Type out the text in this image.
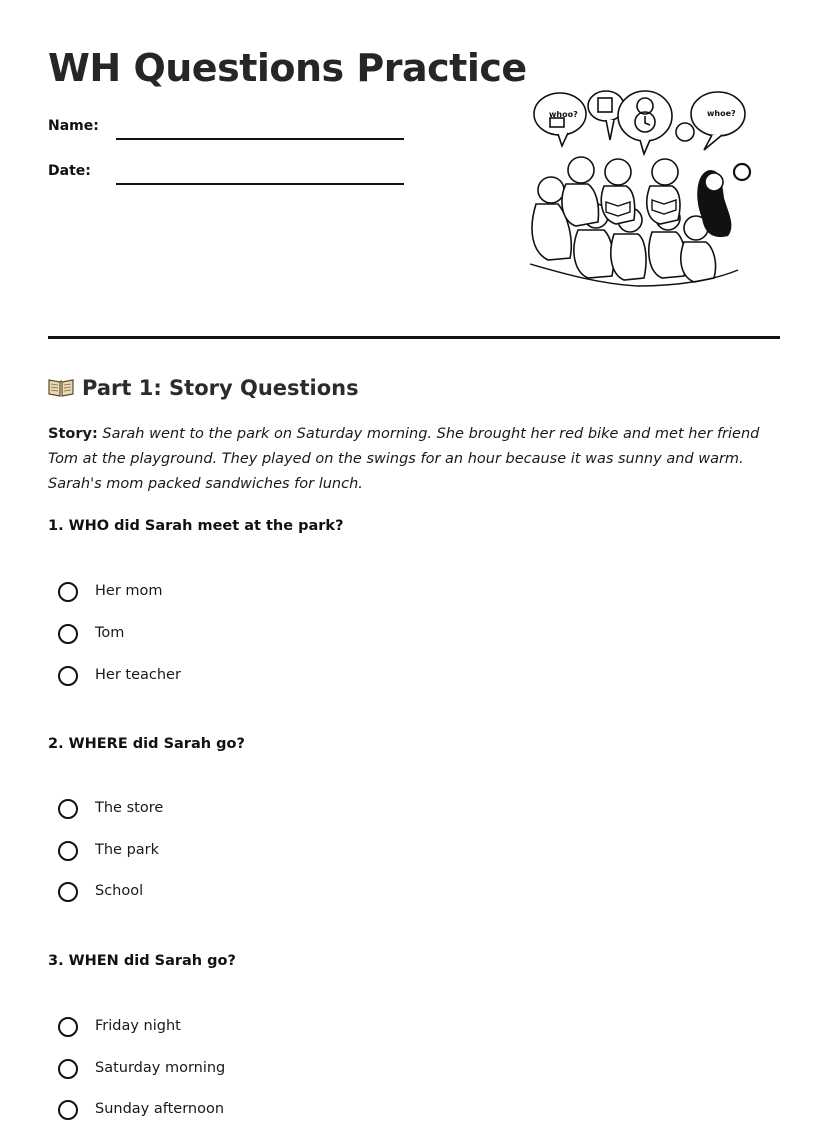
WH Questions Practice
Name:
Date:
whoo?	whoe?
Part 1: Story Questions

Story: Sarah went to the park on Saturday morning. She brought her red bike and met her friend Tom at the playground. They played on the swings for an hour because it was sunny and warm. Sarah's mom packed sandwiches for lunch.

1. WHO did Sarah meet at the park?

Her mom
Tom
Her teacher

2. WHERE did Sarah go?

The store
The park
School

3. WHEN did Sarah go?

Friday night
Saturday morning
Sunday afternoon
